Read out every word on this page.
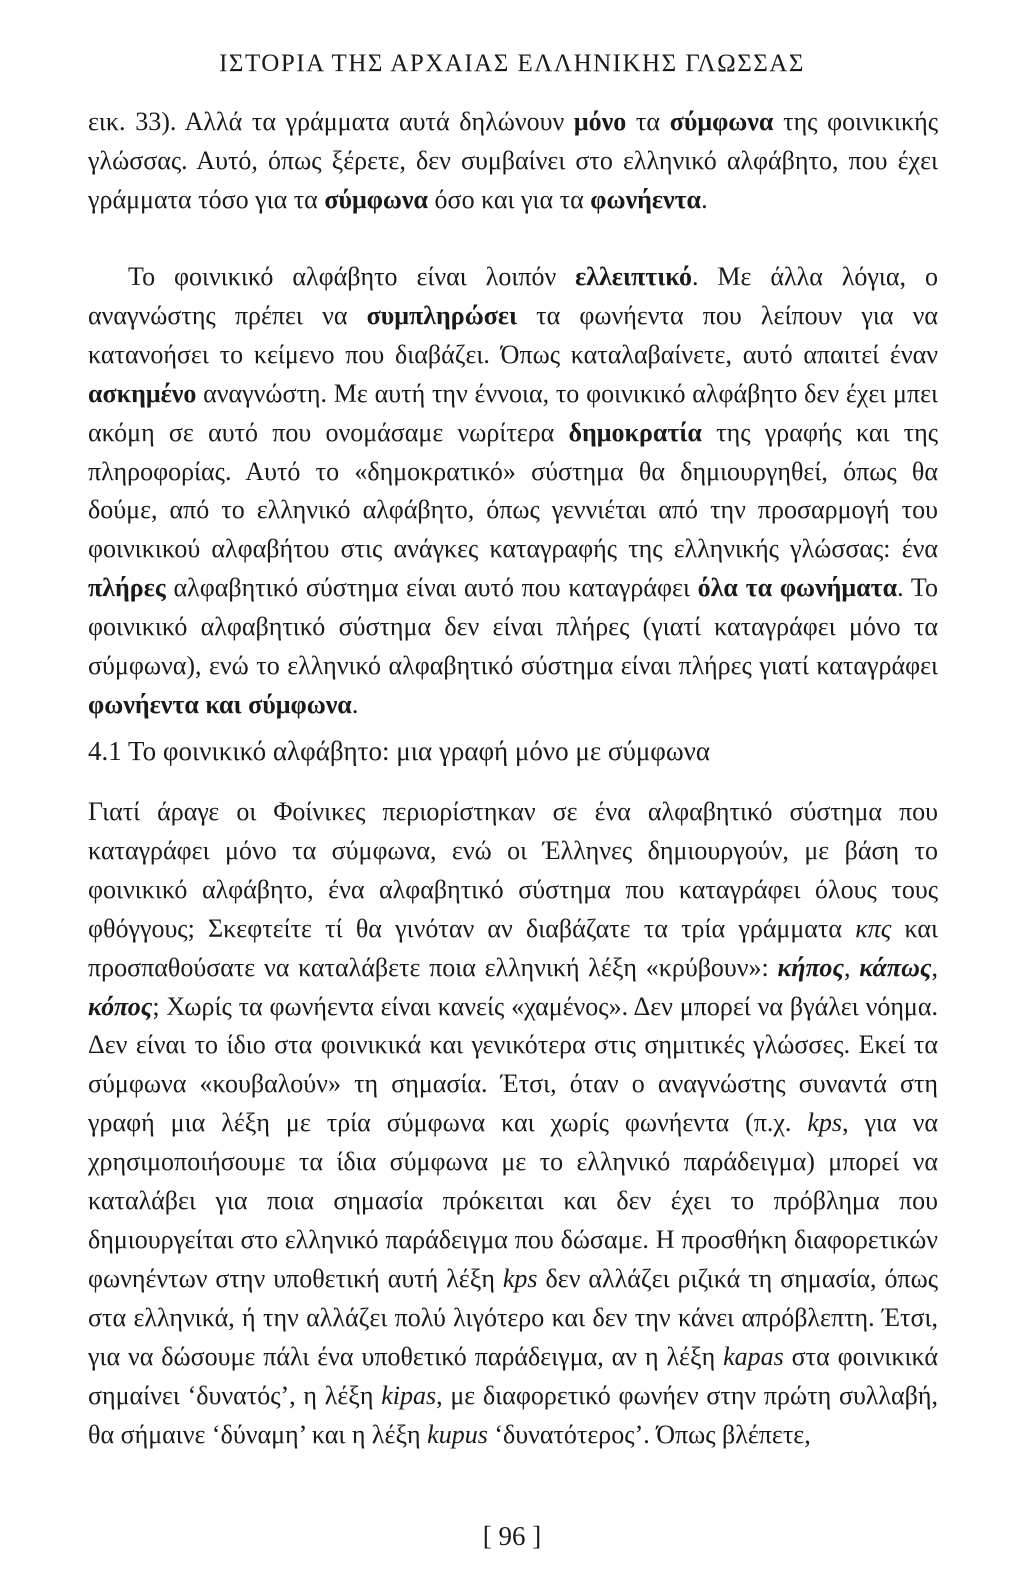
ΙΣΤΟΡΙΑ ΤΗΣ ΑΡΧΑΙΑΣ ΕΛΛΗΝΙΚΗΣ ΓΛΩΣΣΑΣ

εικ. 33). Αλλά τα γράμματα αυτά δηλώνουν μόνο τα σύμφωνα της φοινικικής γλώσσας. Αυτό, όπως ξέρετε, δεν συμβαίνει στο ελληνικό αλφάβητο, που έχει γράμματα τόσο για τα σύμφωνα όσο και για τα φωνήεντα.

Το φοινικικό αλφάβητο είναι λοιπόν ελλειπτικό. Με άλλα λόγια, ο αναγνώστης πρέπει να συμπληρώσει τα φωνήεντα που λείπουν για να κατανοήσει το κείμενο που διαβάζει. Όπως καταλαβαίνετε, αυτό απαιτεί έναν ασκημένο αναγνώστη. Με αυτή την έννοια, το φοινικικό αλφάβητο δεν έχει μπει ακόμη σε αυτό που ονομάσαμε νωρίτερα δημοκρατία της γραφής και της πληροφορίας. Αυτό το «δημοκρατικό» σύστημα θα δημιουργηθεί, όπως θα δούμε, από το ελληνικό αλφάβητο, όπως γεννιέται από την προσαρμογή του φοινικικού αλφαβήτου στις ανάγκες καταγραφής της ελληνικής γλώσσας: ένα πλήρες αλφαβητικό σύστημα είναι αυτό που καταγράφει όλα τα φωνήματα. Το φοινικικό αλφαβητικό σύστημα δεν είναι πλήρες (γιατί καταγράφει μόνο τα σύμφωνα), ενώ το ελληνικό αλφαβητικό σύστημα είναι πλήρες γιατί καταγράφει φωνήεντα και σύμφωνα.

4.1 Το φοινικικό αλφάβητο: μια γραφή μόνο με σύμφωνα

Γιατί άραγε οι Φοίνικες περιορίστηκαν σε ένα αλφαβητικό σύστημα που καταγράφει μόνο τα σύμφωνα, ενώ οι Έλληνες δημιουργούν, με βάση το φοινικικό αλφάβητο, ένα αλφαβητικό σύστημα που καταγράφει όλους τους φθόγγους; Σκεφτείτε τί θα γινόταν αν διαβάζατε τα τρία γράμματα κπς και προσπαθούσατε να καταλάβετε ποια ελληνική λέξη «κρύβουν»: κήπος, κάπως, κόπος; Χωρίς τα φωνήεντα είναι κανείς «χαμένος». Δεν μπορεί να βγάλει νόημα. Δεν είναι το ίδιο στα φοινικικά και γενικότερα στις σημιτικές γλώσσες. Εκεί τα σύμφωνα «κουβαλούν» τη σημασία. Έτσι, όταν ο αναγνώστης συναντά στη γραφή μια λέξη με τρία σύμφωνα και χωρίς φωνήεντα (π.χ. kps, για να χρησιμοποιήσουμε τα ίδια σύμφωνα με το ελληνικό παράδειγμα) μπορεί να καταλάβει για ποια σημασία πρόκειται και δεν έχει το πρόβλημα που δημιουργείται στο ελληνικό παράδειγμα που δώσαμε. Η προσθήκη διαφορετικών φωνηέντων στην υποθετική αυτή λέξη kps δεν αλλάζει ριζικά τη σημασία, όπως στα ελληνικά, ή την αλλάζει πολύ λιγότερο και δεν την κάνει απρόβλεπτη. Έτσι, για να δώσουμε πάλι ένα υποθετικό παράδειγμα, αν η λέξη kapas στα φοινικικά σημαίνει ‘δυνατός’, η λέξη kipas, με διαφορετικό φωνήεν στην πρώτη συλλαβή, θα σήμαινε ‘δύναμη’ και η λέξη kupus ‘δυνατότερος’. Όπως βλέπετε,

[ 96 ]
